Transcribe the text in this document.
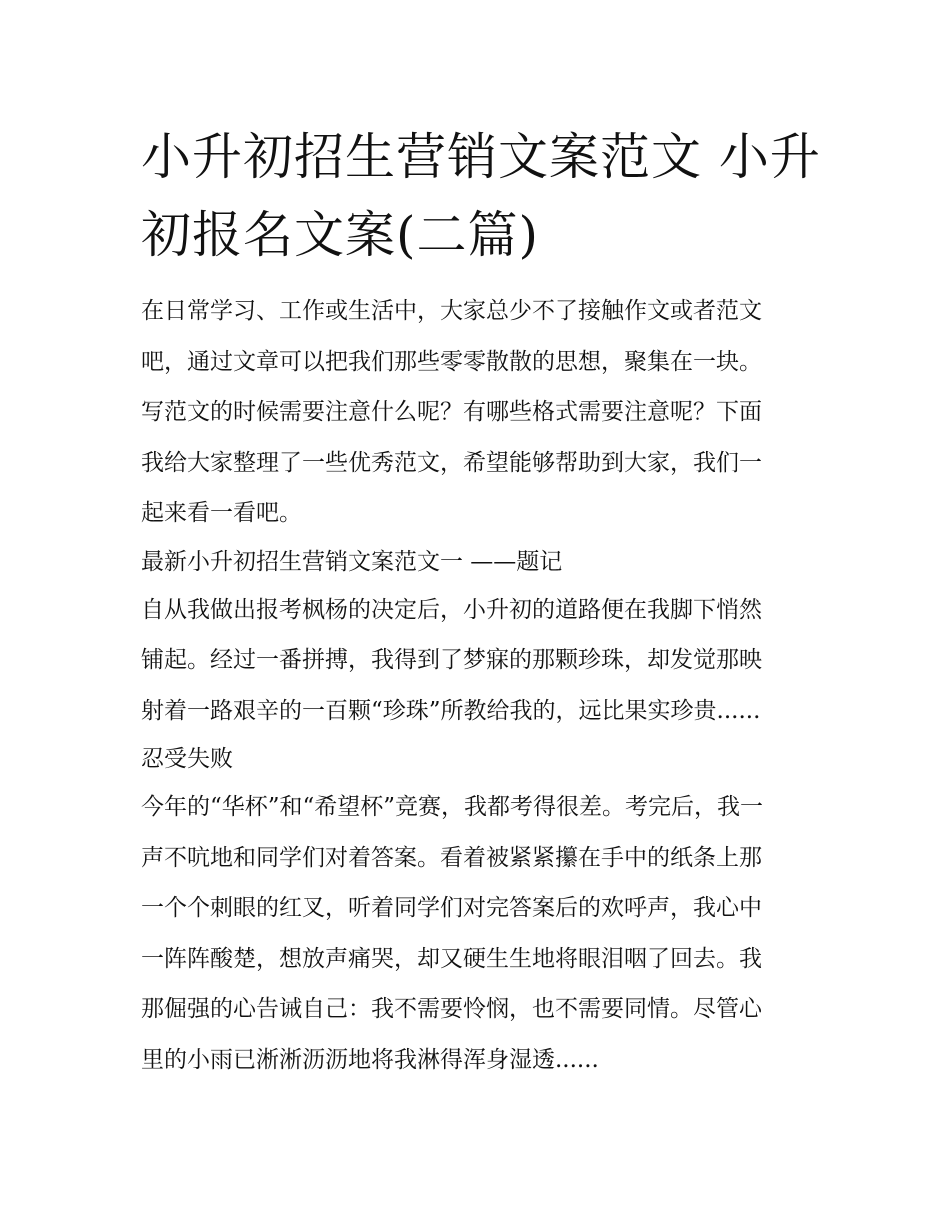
小升初招生营销文案范文 小升
初报名文案(二篇)
在日常学习、工作或生活中，大家总少不了接触作文或者范文
吧，通过文章可以把我们那些零零散散的思想，聚集在一块。
写范文的时候需要注意什么呢？有哪些格式需要注意呢？下面
我给大家整理了一些优秀范文，希望能够帮助到大家，我们一
起来看一看吧。

最新小升初招生营销文案范文一 ——题记

自从我做出报考枫杨的决定后，小升初的道路便在我脚下悄然
铺起。经过一番拼搏，我得到了梦寐的那颗珍珠，却发觉那映
射着一路艰辛的一百颗“珍珠”所教给我的，远比果实珍贵......

忍受失败

今年的“华杯”和“希望杯”竞赛，我都考得很差。考完后，我一
声不吭地和同学们对着答案。看着被紧紧攥在手中的纸条上那
一个个刺眼的红叉，听着同学们对完答案后的欢呼声，我心中
一阵阵酸楚，想放声痛哭，却又硬生生地将眼泪咽了回去。我
那倔强的心告诫自己：我不需要怜悯，也不需要同情。尽管心
里的小雨已淅淅沥沥地将我淋得浑身湿透......
